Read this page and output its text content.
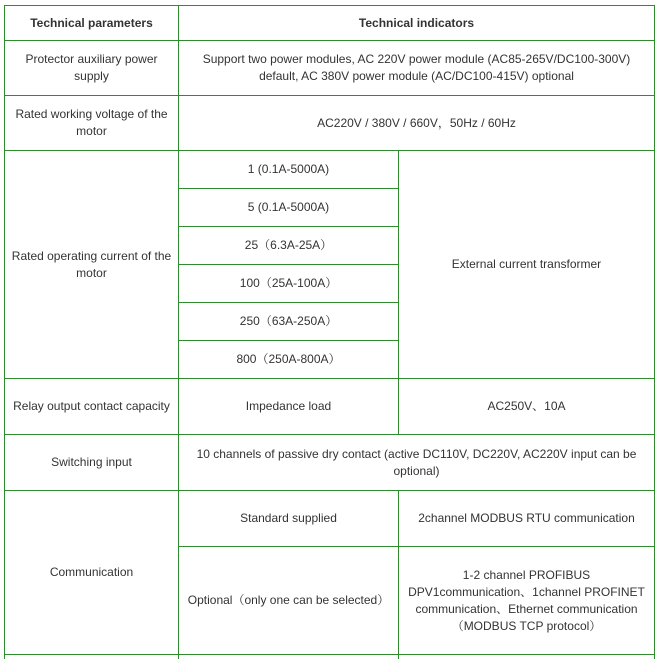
Technical parameters	Technical indicators	
Protector auxiliary power supply	Support two power modules, AC 220V power module (AC85-265V/DC100-300V) default, AC 380V power module (AC/DC100-415V) optional	
Rated working voltage of the motor	AC220V / 380V / 660V，50Hz / 60Hz	
Rated operating current of the motor	1 (0.1A-5000A)	External current transformer
	5 (0.1A-5000A)	
	25（6.3A-25A）	
	100（25A-100A）	
	250（63A-250A）	
	800（250A-800A）	
Relay output contact capacity	Impedance load	AC250V、10A
Switching input	10 channels of passive dry contact (active DC110V, DC220V, AC220V input can be optional)	
Communication	Standard supplied	2channel MODBUS RTU communication
	Optional（only one can be selected）	1-2 channel PROFIBUS DPV1communication、1channel PROFINET communication、Ethernet communication（MODBUS TCP protocol）
